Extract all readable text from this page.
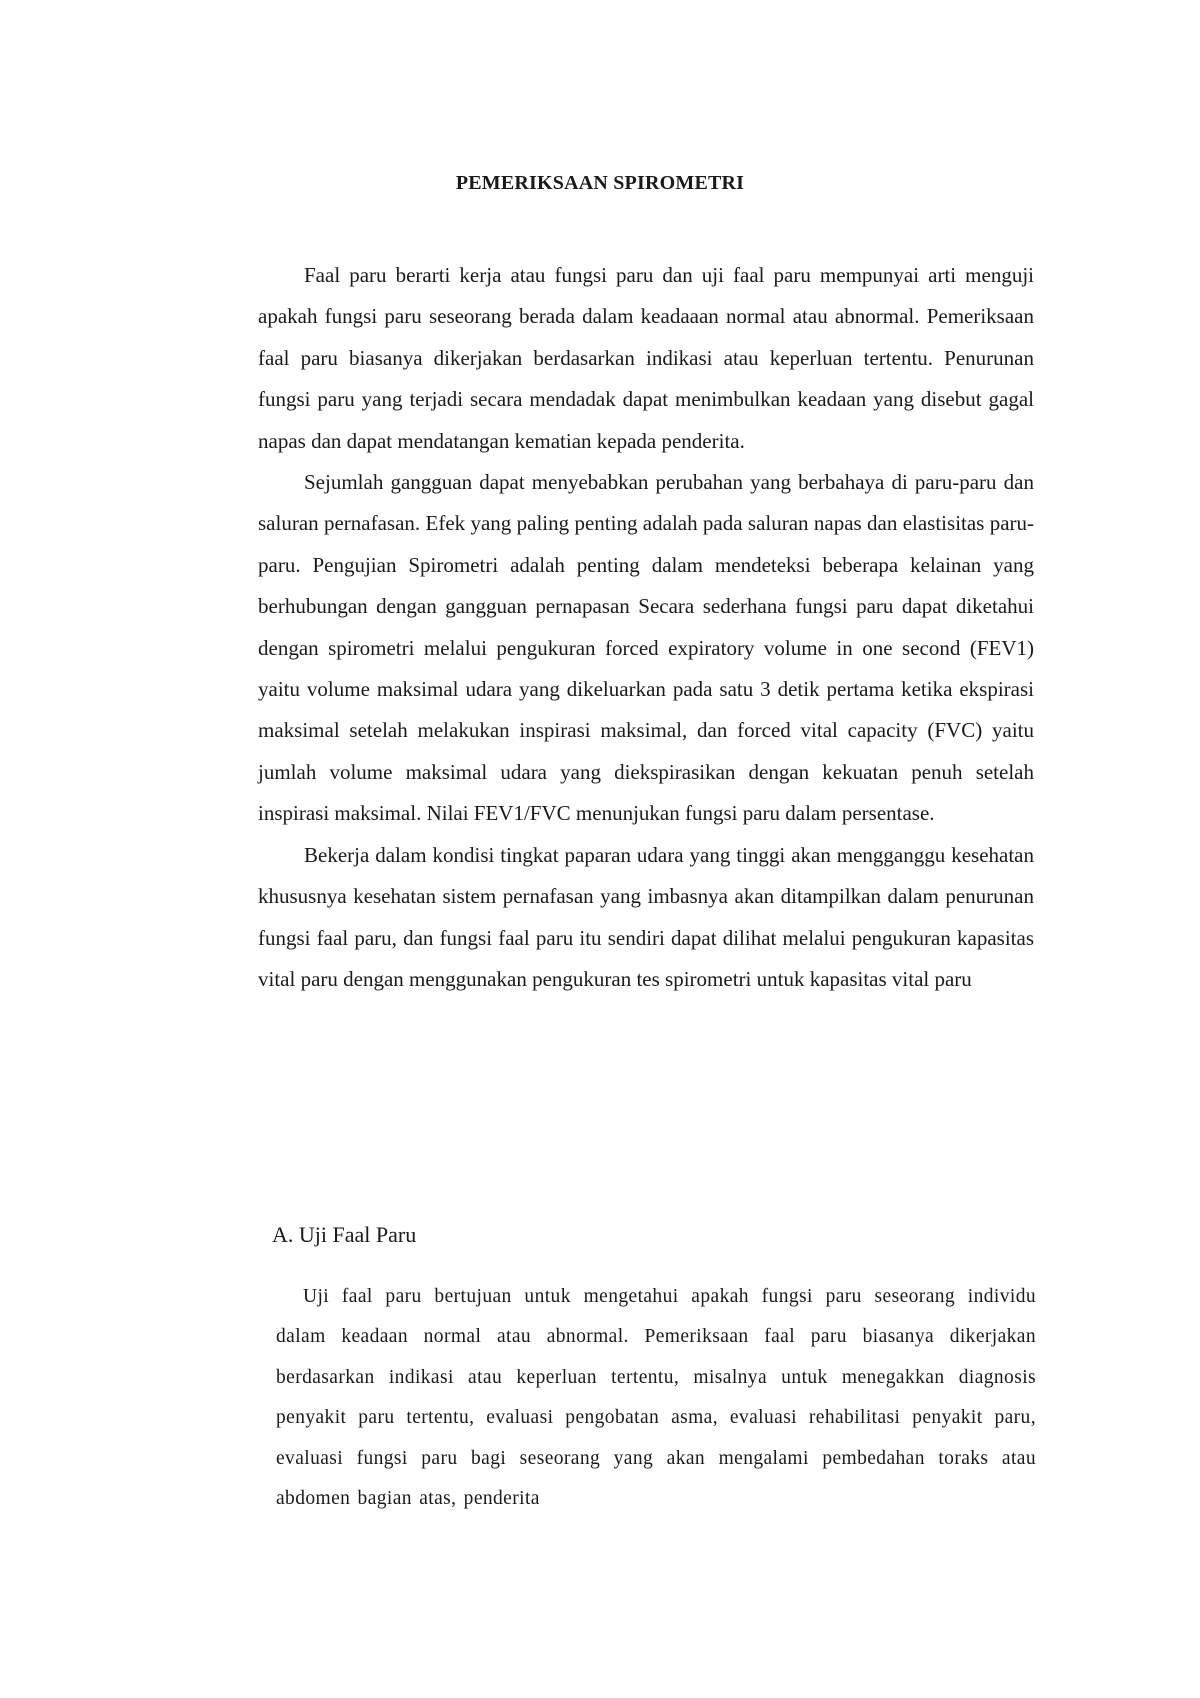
PEMERIKSAAN SPIROMETRI

Faal paru berarti kerja atau fungsi paru dan uji faal paru mempunyai arti menguji apakah fungsi paru seseorang berada dalam keadaaan normal atau abnormal. Pemeriksaan faal paru biasanya dikerjakan berdasarkan indikasi atau keperluan tertentu. Penurunan fungsi paru yang terjadi secara mendadak dapat menimbulkan keadaan yang disebut gagal napas dan dapat mendatangan kematian kepada penderita.

Sejumlah gangguan dapat menyebabkan perubahan yang berbahaya di paru-paru dan saluran pernafasan. Efek yang paling penting adalah pada saluran napas dan elastisitas paru-paru. Pengujian Spirometri adalah penting dalam mendeteksi beberapa kelainan yang berhubungan dengan gangguan pernapasan Secara sederhana fungsi paru dapat diketahui dengan spirometri melalui pengukuran forced expiratory volume in one second (FEV1) yaitu volume maksimal udara yang dikeluarkan pada satu 3 detik pertama ketika ekspirasi maksimal setelah melakukan inspirasi maksimal, dan forced vital capacity (FVC) yaitu jumlah volume maksimal udara yang diekspirasikan dengan kekuatan penuh setelah inspirasi maksimal. Nilai FEV1/FVC menunjukan fungsi paru dalam persentase.

Bekerja dalam kondisi tingkat paparan udara yang tinggi akan mengganggu kesehatan khususnya kesehatan sistem pernafasan yang imbasnya akan ditampilkan dalam penurunan fungsi faal paru, dan fungsi faal paru itu sendiri dapat dilihat melalui pengukuran kapasitas vital paru dengan menggunakan pengukuran tes spirometri untuk kapasitas vital paru

A. Uji Faal Paru

Uji faal paru bertujuan untuk mengetahui apakah fungsi paru seseorang individu dalam keadaan normal atau abnormal. Pemeriksaan faal paru biasanya dikerjakan berdasarkan indikasi atau keperluan tertentu, misalnya untuk menegakkan diagnosis penyakit paru tertentu, evaluasi pengobatan asma, evaluasi rehabilitasi penyakit paru, evaluasi fungsi paru bagi seseorang yang akan mengalami pembedahan toraks atau abdomen bagian atas, penderita
